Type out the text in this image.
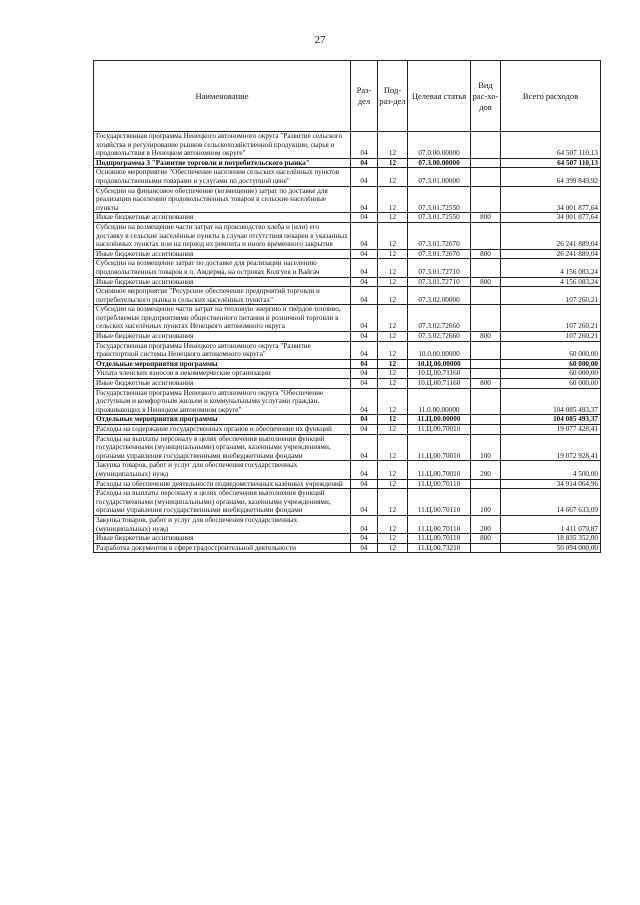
27
Наименование	Раз-дел	Под-раз-дел	Целевая статья	Вид рас-хо-дов	Всего расходов
Государственная программа Ненецкого автономного округа "Развитие сельского хозяйства и регулирование рынков сельскохозяйственной продукции, сырья и продовольствия в Ненецком автономном округе"	04	12	07.0.00.00000		64 507 110,13
Подпрограмма 3 "Развитие торговли и потребительского рынка"	04	12	07.3.00.00000		64 507 110,13
Основное мероприятие "Обеспечение населения сельских населённых пунктов продовольственными товарами и услугами по доступной цене"	04	12	07.3.01.00000		64 399 849,92
Субсидии на финансовое обеспечение (возмещение) затрат по доставке для реализации населению продовольственных товаров в сельские населённые пункты	04	12	07.3.01.72550		34 001 877,64
Иные бюджетные ассигнования	04	12	07.3.01.72550	800	34 001 877,64
Субсидии на возмещение части затрат на производство хлеба и (или) его доставку в сельские населённые пункты в случае отсутствия пекарен в указанных населённых пунктах или на период их ремонта и иного временного закрытия	04	12	07.3.01.72670		26 241 889,04
Иные бюджетные ассигнования	04	12	07.3.01.72670	800	26 241 889,04
Субсидии на возмещение затрат по доставке для реализации населению продовольственных товаров в п. Амдерма, на островах Колгуев и Вайгач	04	12	07.3.01.72710		4 156 083,24
Иные бюджетные ассигнования	04	12	07.3.01.72710	800	4 156 083,24
Основное мероприятие "Ресурсное обеспечение предприятий торговли и потребительского рынка в сельских населённых пунктах"	04	12	07.3.02.00000		107 260,21
Субсидии на возмещение части затрат на тепловую энергию и твёрдое топливо, потребляемые предприятиями общественного питания и розничной торговли в сельских населённых пунктах Ненецкого автономного округа	04	12	07.3.02.72660		107 260,21
Иные бюджетные ассигнования	04	12	07.3.02.72660	800	107 260,21
Государственная программа Ненецкого автономного округа "Развитие транспортной системы Ненецкого автономного округа"	04	12	10.0.00.00000		60 000,00
Отдельные мероприятия программы	04	12	10.Ц.00.00000		60 000,00
Уплата членских взносов в некоммерческие организации	04	12	10.Ц.00.71160		60 000,00
Иные бюджетные ассигнования	04	12	10.Ц.00.71160	800	60 000,00
Государственная программа Ненецкого автономного округа "Обеспечение доступным и комфортным жильем и коммунальными услугами граждан, проживающих в Ненецком автономном округе"	04	12	11.0.00.00000		104 085 493,37
Отдельные мероприятия программы	04	12	11.Ц.00.00000		104 085 493,37
Расходы на содержание государственных органов и обеспечение их функций	04	12	11.Ц.00.70010		19 077 428,41
Расходы на выплаты персоналу в целях обеспечения выполнения функций государственными (муниципальными) органами, казенными учреждениями, органами управления государственными внебюджетными фондами	04	12	11.Ц.00.70010	100	19 072 928,41
Закупка товаров, работ и услуг для обеспечения государственных (муниципальных) нужд	04	12	11.Ц.00.70010	200	4 500,00
Расходы на обеспечение деятельности подведомственных казённых учреждений	04	12	11.Ц.00.70110		34 914 064,96
Расходы на выплаты персоналу в целях обеспечения выполнения функций государственными (муниципальными) органами, казенными учреждениями, органами управления государственными внебюджетными фондами	04	12	11.Ц.00.70110	100	14 667 633,09
Закупка товаров, работ и услуг для обеспечения государственных (муниципальных) нужд	04	12	11.Ц.00.70110	200	1 411 079,87
Иные бюджетные ассигнования	04	12	11.Ц.00.70110	800	18 835 352,00
Разработка документов в сфере градостроительной деятельности	04	12	11.Ц.00.73210		50 094 000,00
